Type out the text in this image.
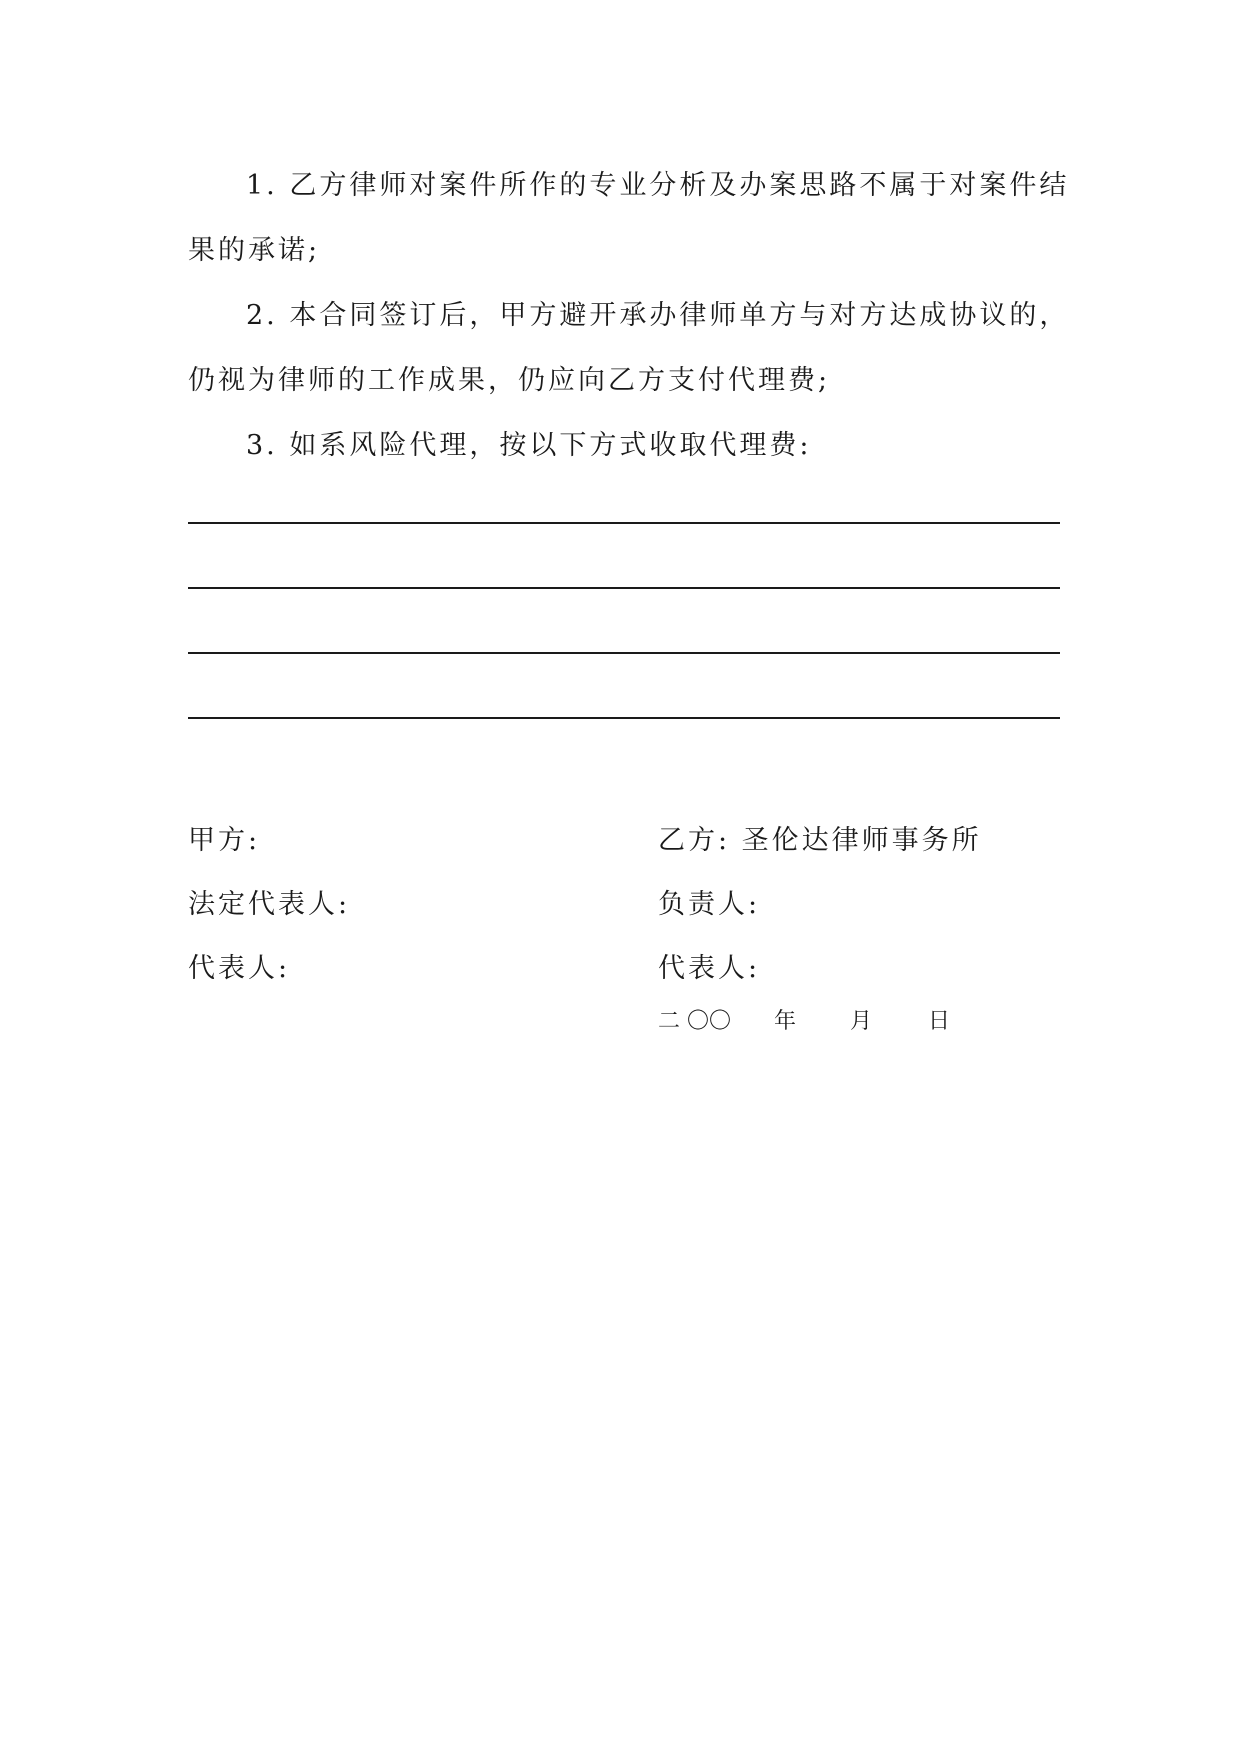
1. 乙方律师对案件所作的专业分析及办案思路不属于对案件结
果的承诺;
2. 本合同签订后，甲方避开承办律师单方与对方达成协议的，
仍视为律师的工作成果，仍应向乙方支付代理费;
3. 如系风险代理，按以下方式收取代理费:
甲方:
法定代表人:
代表人:
乙方: 圣伦达律师事务所
负责人:
代表人:
二 〇〇 年 月	日
